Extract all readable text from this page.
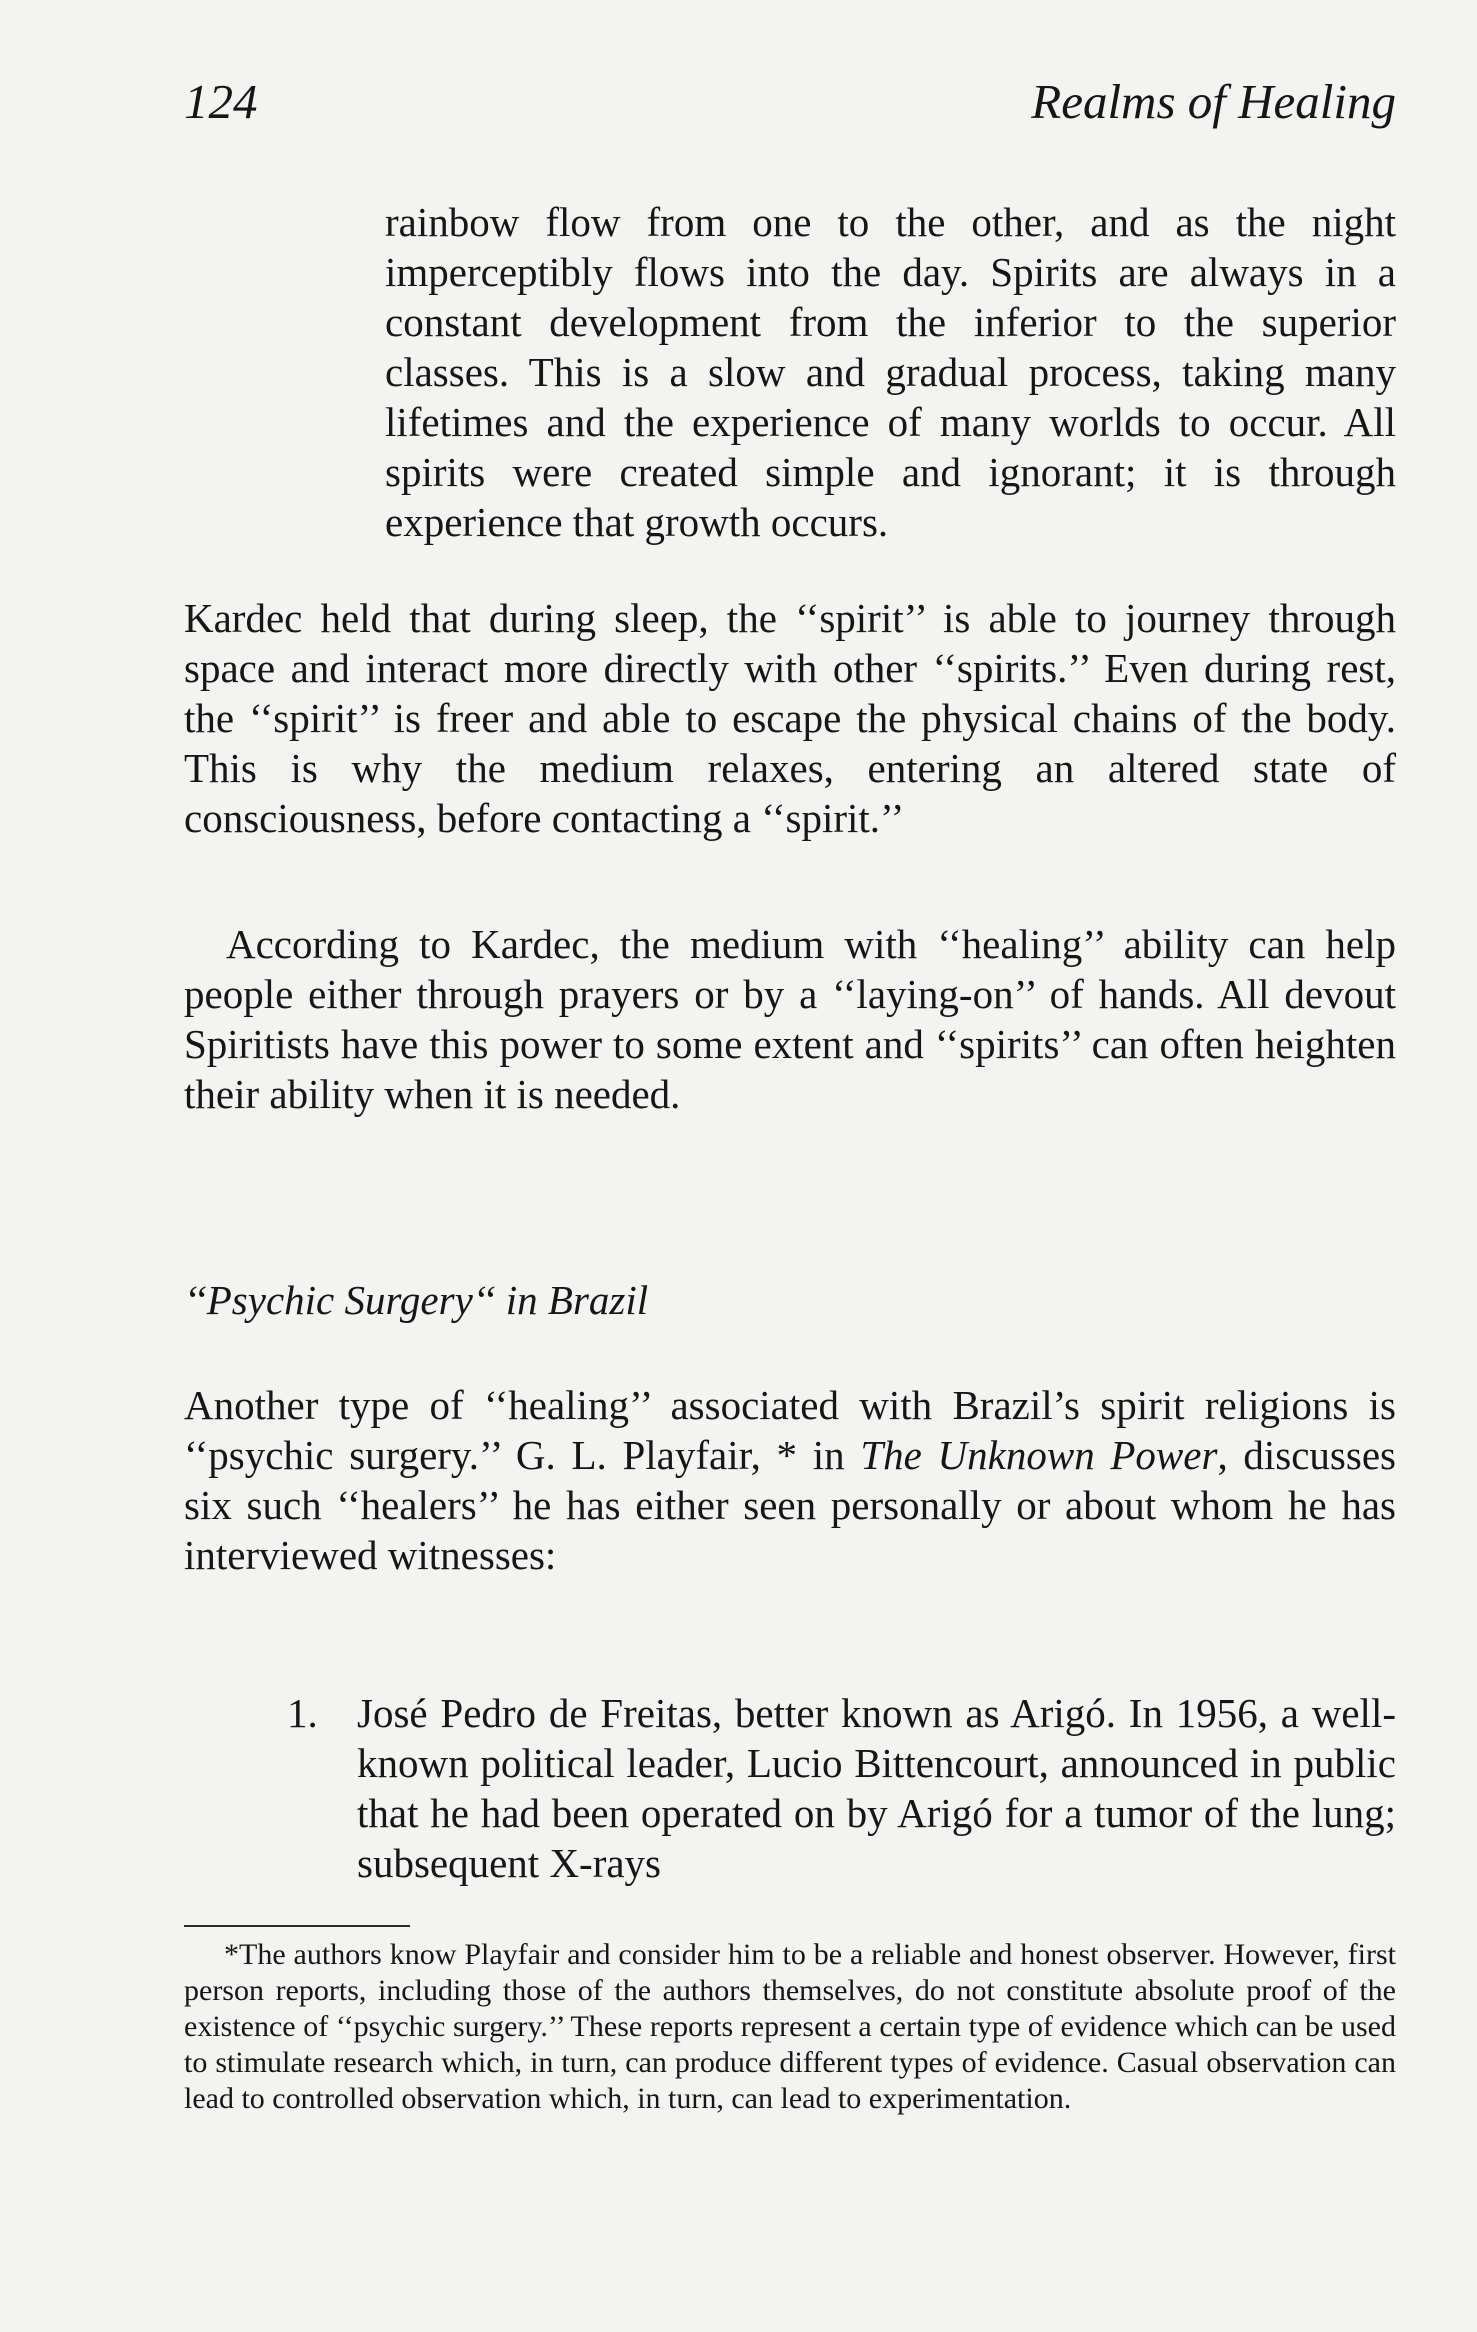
124	Realms of Healing
rainbow flow from one to the other, and as the night imperceptibly flows into the day. Spirits are always in a constant development from the inferior to the superior classes. This is a slow and gradual process, taking many lifetimes and the experience of many worlds to occur. All spirits were created simple and ignorant; it is through experience that growth occurs.
Kardec held that during sleep, the ‘‘spirit’’ is able to journey through space and interact more directly with other ‘‘spirits.’’ Even during rest, the ‘‘spirit’’ is freer and able to escape the physical chains of the body. This is why the medium relaxes, entering an altered state of consciousness, before contacting a ‘‘spirit.’’
According to Kardec, the medium with ‘‘healing’’ ability can help people either through prayers or by a ‘‘laying-on’’ of hands. All devout Spiritists have this power to some extent and ‘‘spirits’’ can often heighten their ability when it is needed.
‘‘Psychic Surgery‘‘ in Brazil
Another type of ‘‘healing’’ associated with Brazil’s spirit religions is ‘‘psychic surgery.’’ G. L. Playfair, * in The Unknown Power, discusses six such ‘‘healers’’ he has either seen personally or about whom he has interviewed witnesses:
1. José Pedro de Freitas, better known as Arigó. In 1956, a well-known political leader, Lucio Bittencourt, announced in public that he had been operated on by Arigó for a tumor of the lung; subsequent X-rays
*The authors know Playfair and consider him to be a reliable and honest observer. However, first person reports, including those of the authors themselves, do not constitute absolute proof of the existence of ‘‘psychic surgery.’’ These reports represent a certain type of evidence which can be used to stimulate research which, in turn, can produce different types of evidence. Casual observation can lead to controlled observation which, in turn, can lead to experimentation.
